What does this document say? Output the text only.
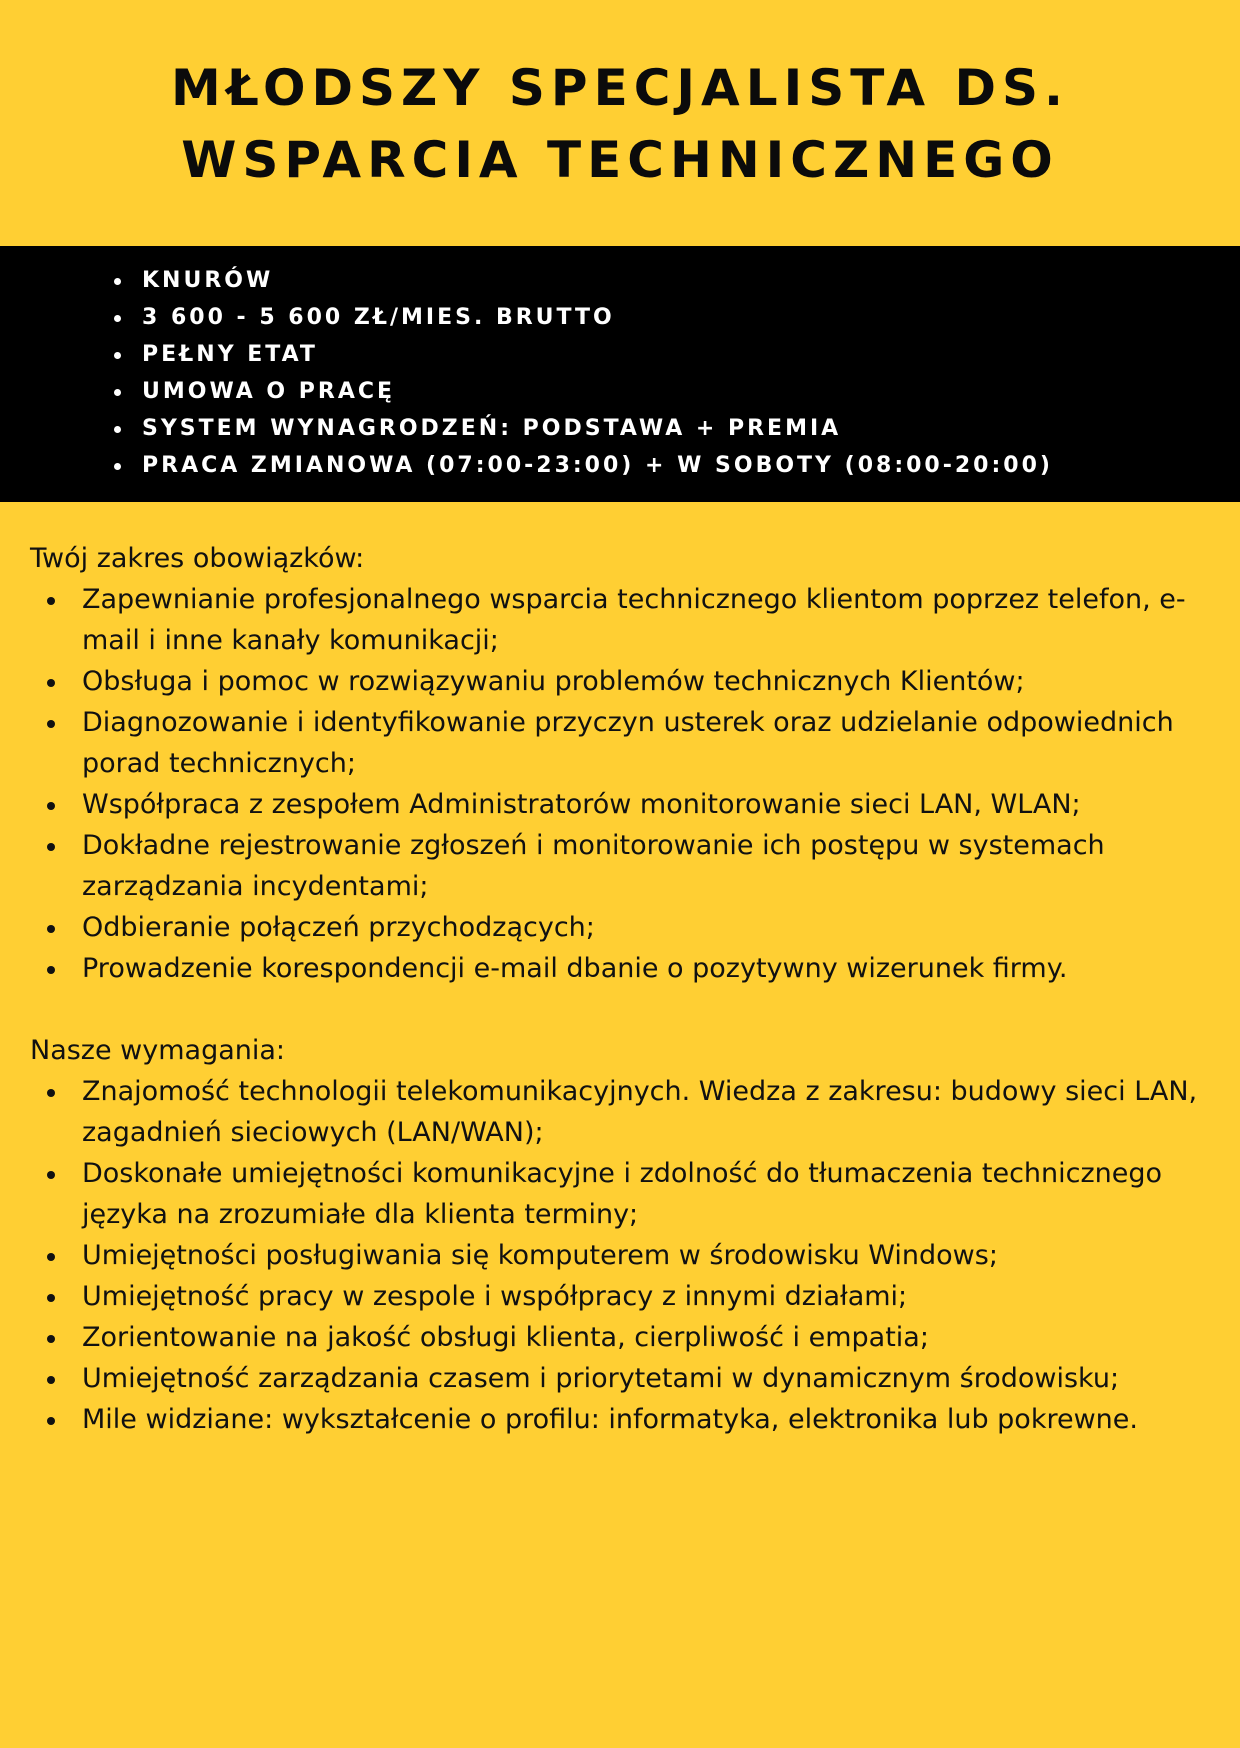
MŁODSZY SPECJALISTA DS.
WSPARCIA TECHNICZNEGO
KNURÓW
3 600 - 5 600 ZŁ/MIES. BRUTTO
PEŁNY ETAT
UMOWA O PRACĘ
SYSTEM WYNAGRODZEŃ: PODSTAWA + PREMIA
PRACA ZMIANOWA (07:00-23:00) + W SOBOTY (08:00-20:00)

Twój zakres obowiązków:

Zapewnianie profesjonalnego wsparcia technicznego klientom poprzez telefon, e-mail i inne kanały komunikacji;
Obsługa i pomoc w rozwiązywaniu problemów technicznych Klientów;
Diagnozowanie i identyfikowanie przyczyn usterek oraz udzielanie odpowiednich porad technicznych;
Współpraca z zespołem Administratorów monitorowanie sieci LAN, WLAN;
Dokładne rejestrowanie zgłoszeń i monitorowanie ich postępu w systemach zarządzania incydentami;
Odbieranie połączeń przychodzących;
Prowadzenie korespondencji e-mail dbanie o pozytywny wizerunek firmy.

Nasze wymagania:

Znajomość technologii telekomunikacyjnych. Wiedza z zakresu: budowy sieci LAN, zagadnień sieciowych (LAN/WAN);
Doskonałe umiejętności komunikacyjne i zdolność do tłumaczenia technicznego języka na zrozumiałe dla klienta terminy;
Umiejętności posługiwania się komputerem w środowisku Windows;
Umiejętność pracy w zespole i współpracy z innymi działami;
Zorientowanie na jakość obsługi klienta, cierpliwość i empatia;
Umiejętność zarządzania czasem i priorytetami w dynamicznym środowisku;
Mile widziane: wykształcenie o profilu: informatyka, elektronika lub pokrewne.
